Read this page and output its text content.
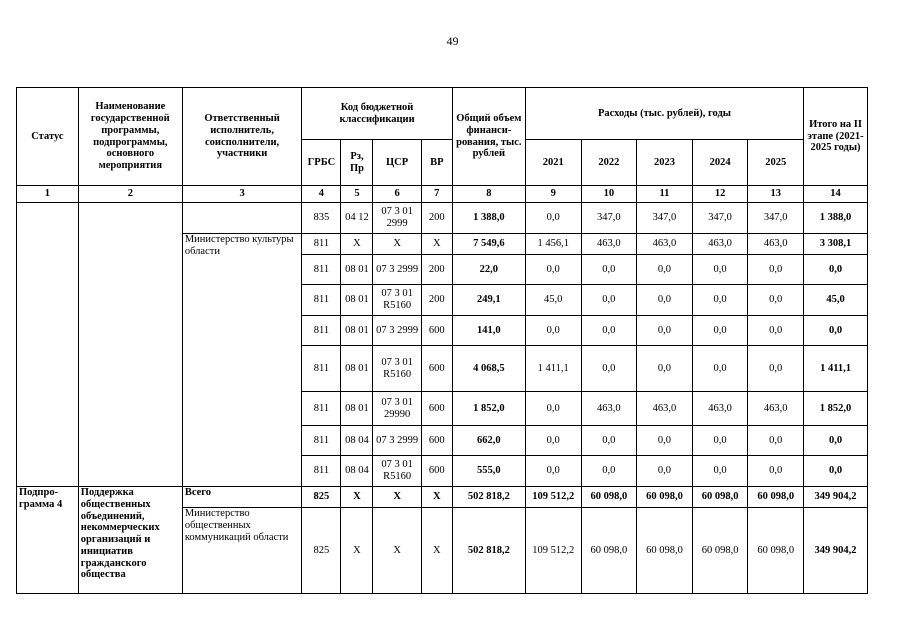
49
Статус	Наименование государственной программы, подпрограммы, основного мероприятия	Ответственный исполнитель, соисполнители, участники	Код бюджетной классификации				Общий объем финанси-рования, тыс. рублей	Расходы (тыс. рублей), годы					Итого на II этапе (2021-2025 годы)
			ГРБС	Рз, Пр	ЦСР	ВР		2021	2022	2023	2024	2025	
1	2	3	4	5	6	7	8	9	10	11	12	13	14
			835	04 12	07 3 01 2999	200	1 388,0	0,0	347,0	347,0	347,0	347,0	1 388,0
		Министерство культуры области	811	Х	Х	Х	7 549,6	1 456,1	463,0	463,0	463,0	463,0	3 308,1
			811	08 01	07 3 2999	200	22,0	0,0	0,0	0,0	0,0	0,0	0,0
			811	08 01	07 3 01 R5160	200	249,1	45,0	0,0	0,0	0,0	0,0	45,0
			811	08 01	07 3 2999	600	141,0	0,0	0,0	0,0	0,0	0,0	0,0
			811	08 01	07 3 01 R5160	600	4 068,5	1 411,1	0,0	0,0	0,0	0,0	1 411,1
			811	08 01	07 3 01 29990	600	1 852,0	0,0	463,0	463,0	463,0	463,0	1 852,0
			811	08 04	07 3 2999	600	662,0	0,0	0,0	0,0	0,0	0,0	0,0
			811	08 04	07 3 01 R5160	600	555,0	0,0	0,0	0,0	0,0	0,0	0,0
Подпро-грамма 4	Поддержка общественных объединений, некоммерческих организаций и инициатив гражданского общества	Всего	825	Х	Х	Х	502 818,2	109 512,2	60 098,0	60 098,0	60 098,0	60 098,0	349 904,2
		Министерство общественных коммуникаций области	825	Х	Х	Х	502 818,2	109 512,2	60 098,0	60 098,0	60 098,0	60 098,0	349 904,2
